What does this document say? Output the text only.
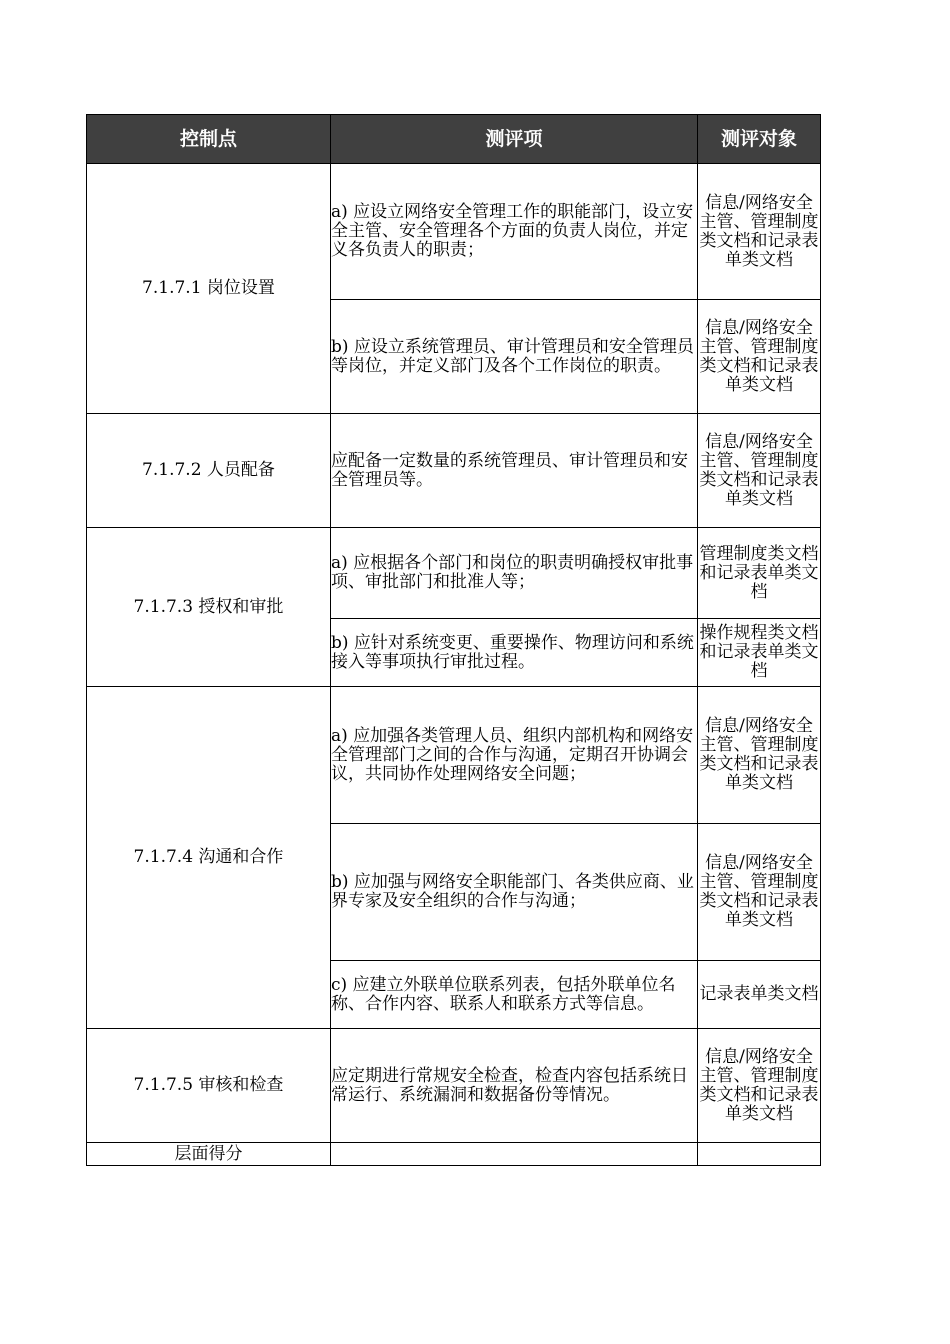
控制点	测评项	测评对象
7.1.7.1 岗位设置	a) 应设立网络安全管理工作的职能部门，设立安全主管、安全管理各个方面的负责人岗位，并定义各负责人的职责；	信息/网络安全主管、管理制度类文档和记录表单类文档
	b) 应设立系统管理员、审计管理员和安全管理员等岗位，并定义部门及各个工作岗位的职责。	信息/网络安全主管、管理制度类文档和记录表单类文档
7.1.7.2 人员配备	应配备一定数量的系统管理员、审计管理员和安全管理员等。	信息/网络安全主管、管理制度类文档和记录表单类文档
7.1.7.3 授权和审批	a) 应根据各个部门和岗位的职责明确授权审批事项、审批部门和批准人等；	管理制度类文档和记录表单类文档
	b) 应针对系统变更、重要操作、物理访问和系统接入等事项执行审批过程。	操作规程类文档和记录表单类文档
7.1.7.4 沟通和合作	a) 应加强各类管理人员、组织内部机构和网络安全管理部门之间的合作与沟通，定期召开协调会议，共同协作处理网络安全问题；	信息/网络安全主管、管理制度类文档和记录表单类文档
	b) 应加强与网络安全职能部门、各类供应商、业界专家及安全组织的合作与沟通；	信息/网络安全主管、管理制度类文档和记录表单类文档
	c) 应建立外联单位联系列表，包括外联单位名称、合作内容、联系人和联系方式等信息。	记录表单类文档
7.1.7.5 审核和检查	应定期进行常规安全检查，检查内容包括系统日常运行、系统漏洞和数据备份等情况。	信息/网络安全主管、管理制度类文档和记录表单类文档
层面得分		
